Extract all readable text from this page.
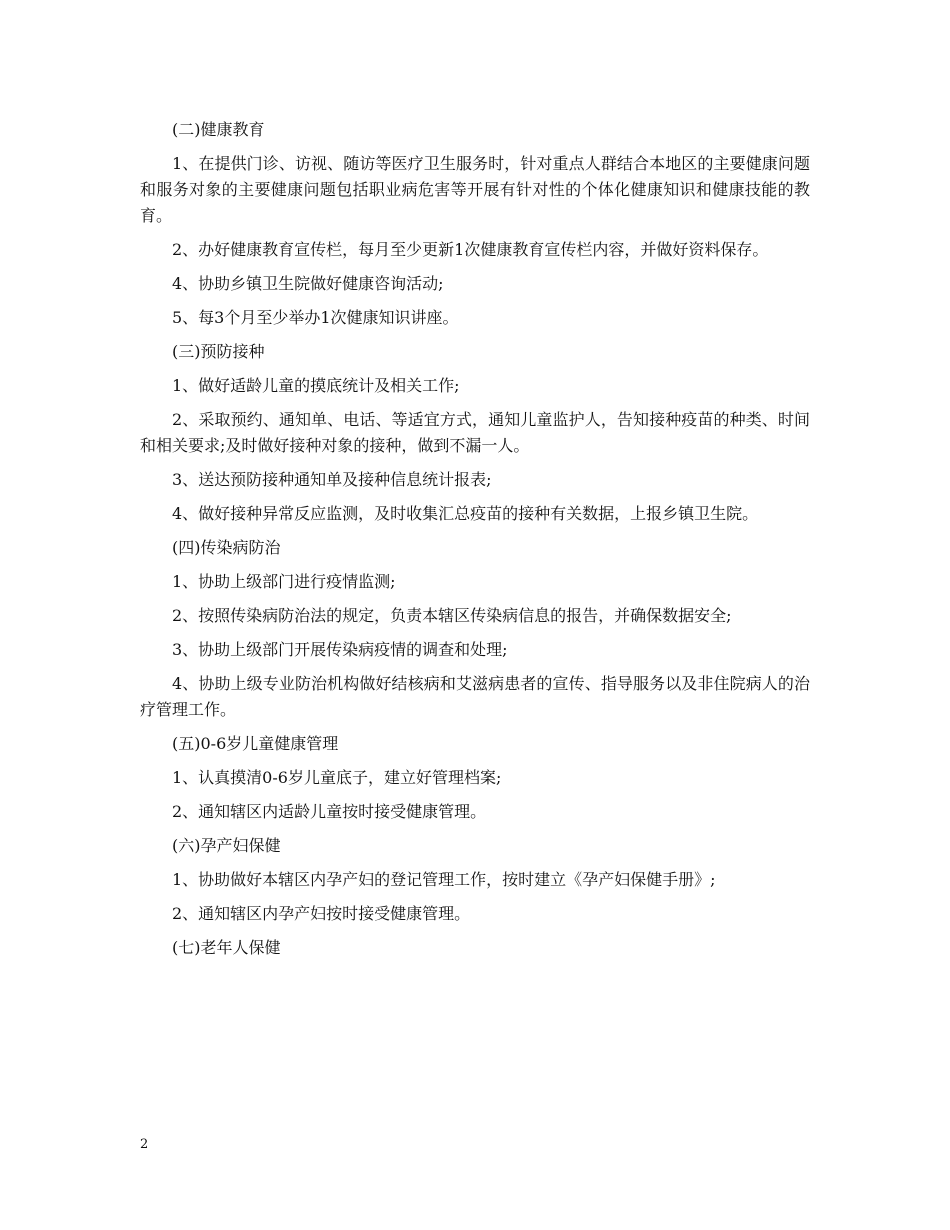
(二)健康教育

1、在提供门诊、访视、随访等医疗卫生服务时，针对重点人群结合本地区的主要健康问题和服务对象的主要健康问题包括职业病危害等开展有针对性的个体化健康知识和健康技能的教育。

2、办好健康教育宣传栏，每月至少更新1次健康教育宣传栏内容，并做好资料保存。

4、协助乡镇卫生院做好健康咨询活动;

5、每3个月至少举办1次健康知识讲座。

(三)预防接种

1、做好适龄儿童的摸底统计及相关工作;

2、采取预约、通知单、电话、等适宜方式，通知儿童监护人，告知接种疫苗的种类、时间和相关要求;及时做好接种对象的接种，做到不漏一人。

3、送达预防接种通知单及接种信息统计报表;

4、做好接种异常反应监测，及时收集汇总疫苗的接种有关数据，上报乡镇卫生院。

(四)传染病防治

1、协助上级部门进行疫情监测;

2、按照传染病防治法的规定，负责本辖区传染病信息的报告，并确保数据安全;

3、协助上级部门开展传染病疫情的调查和处理;

4、协助上级专业防治机构做好结核病和艾滋病患者的宣传、指导服务以及非住院病人的治疗管理工作。

(五)0-6岁儿童健康管理

1、认真摸清0-6岁儿童底子，建立好管理档案;

2、通知辖区内适龄儿童按时接受健康管理。

(六)孕产妇保健

1、协助做好本辖区内孕产妇的登记管理工作，按时建立《孕产妇保健手册》;

2、通知辖区内孕产妇按时接受健康管理。

(七)老年人保健

2
